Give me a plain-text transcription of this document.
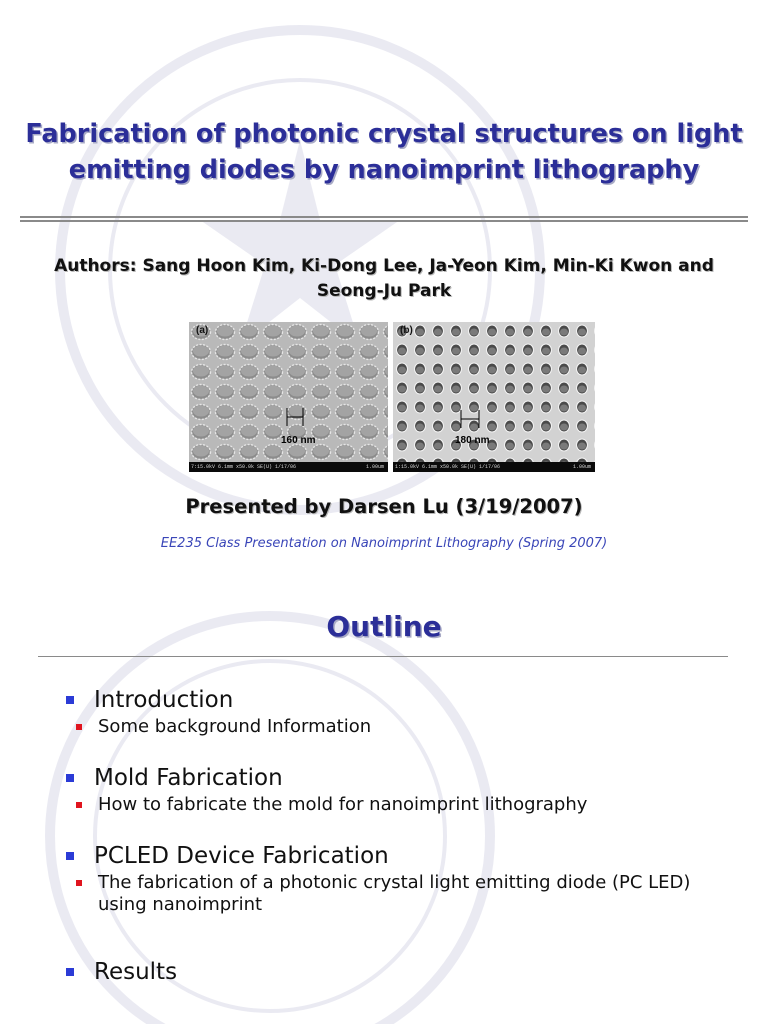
Fabrication of photonic crystal structures on light emitting diodes by nanoimprint lithography
Authors: Sang Hoon Kim, Ki-Dong Lee, Ja-Yeon Kim, Min-Ki Kwon and Seong-Ju Park
(a)
160 nm
7:15.0kV 6.1mm x50.0k SE(U) 1/17/06	1.00um
(b)
180 nm
1:15.0kV 6.1mm x50.0k SE(U) 1/17/06	1.00um
Presented by Darsen Lu (3/19/2007)
EE235 Class Presentation on Nanoimprint Lithography (Spring 2007)
Outline
Introduction
Some background Information
Mold Fabrication
How to fabricate the mold for nanoimprint lithography
PCLED Device Fabrication
The fabrication of a photonic crystal light emitting diode (PC LED) using nanoimprint
Results
